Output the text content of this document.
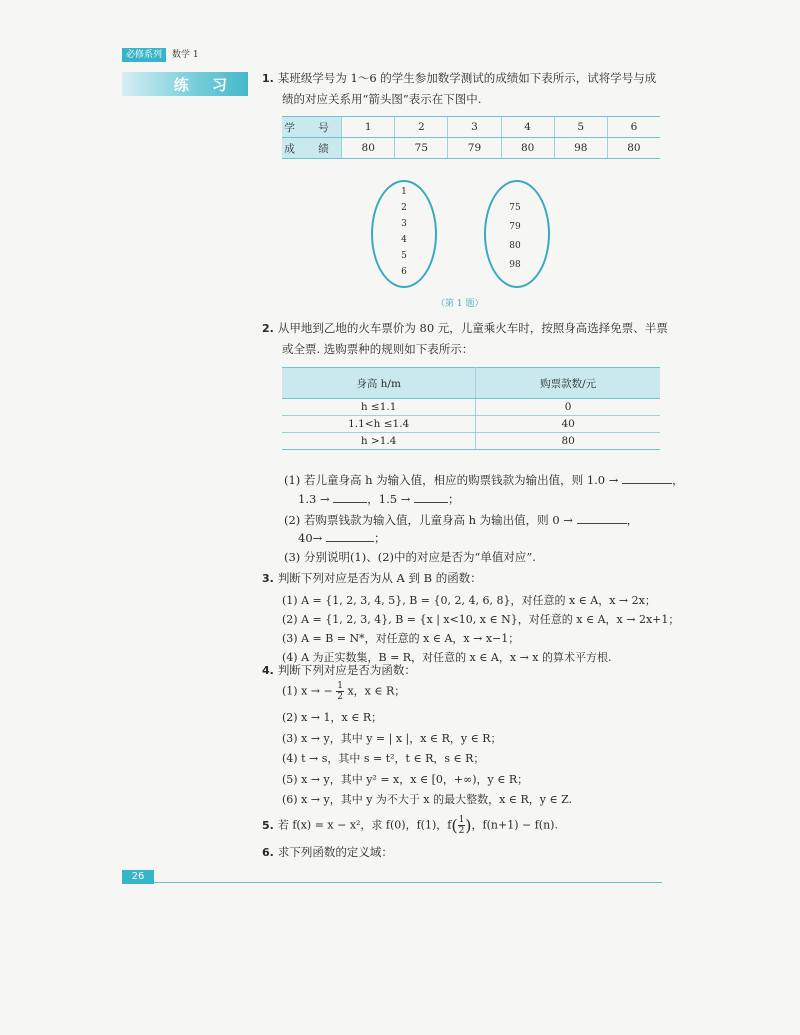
必修系列	数学 1
练 习 1. 某班级学号为 1～6 的学生参加数学测试的成绩如下表所示，试将学号与成
绩的对应关系用“箭头图”表示在下图中.
学 号	1	2	3	4	5	6
成 绩	80	75	79	80	98	80
1
2
3
4
5
6
75
79
80
98
（第 1 题）
2. 从甲地到乙地的火车票价为 80 元，儿童乘火车时，按照身高选择免票、半票
或全票. 选购票种的规则如下表所示：
身高 h/m	购票款数/元
h ≤1.1	0
1.1<h ≤1.4	40
h >1.4	80
(1) 若儿童身高 h 为输入值，相应的购票钱款为输出值，则 1.0 →	，
1.3 →	，1.5 →	；
(2) 若购票钱款为输入值，儿童身高 h 为输出值，则 0 →	，
40→	；
(3) 分别说明(1)、(2)中的对应是否为“单值对应”.
3. 判断下列对应是否为从 A 到 B 的函数：
(1) A = {1, 2, 3, 4, 5}, B = {0, 2, 4, 6, 8}，对任意的 x ∈ A，x → 2x；
(2) A = {1, 2, 3, 4}, B = {x | x<10, x ∈ N}，对任意的 x ∈ A，x → 2x+1；
(3) A = B = N*，对任意的 x ∈ A，x → x−1；
(4) A 为正实数集，B = R，对任意的 x ∈ A，x → x 的算术平方根.
4. 判断下列对应是否为函数：
(1) x → − $\frac{1}{2}$ x，x ∈ R；
(2) x → 1，x ∈ R；
(3) x → y，其中 y = | x |，x ∈ R，y ∈ R；
(4) t → s，其中 s = t²，t ∈ R，s ∈ R；
(5) x → y，其中 y² = x，x ∈ [0，+∞)，y ∈ R；
(6) x → y，其中 y 为不大于 x 的最大整数，x ∈ R，y ∈ Z.
5. 若 f(x) = x − x²，求 f(0)，f(1)，$f( \frac{1}{2}$ )，f(n+1) − f(n).
6. 求下列函数的定义域：
26
